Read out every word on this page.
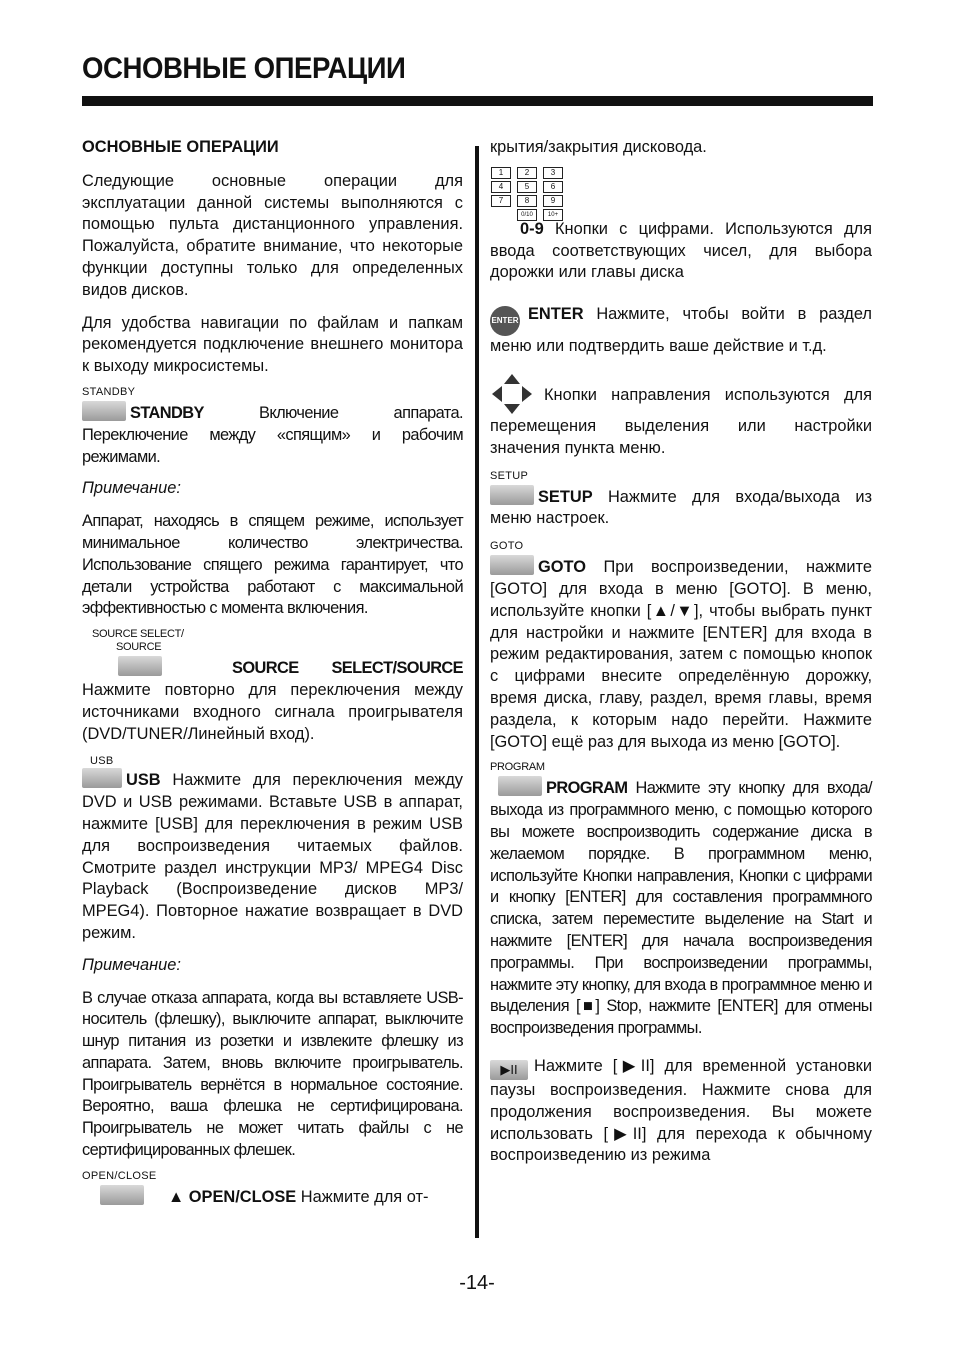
ОСНОВНЫЕ ОПЕРАЦИИ

ОСНОВНЫЕ ОПЕРАЦИИ

Следующие основные операции для эксплуатации данной системы выполняются с помощью пульта дистанционного управления. Пожалуйста, обратите внимание, что некоторые функции доступны только для определенных видов дисков.

Для удобства навигации по файлам и папкам рекомендуется подключение внешнего монитора к выходу микросистемы.

STANDBY

STANDBY Включение аппарата. Переключение между «спящим» и рабочим режимами.

Примечание:

Аппарат, находясь в спящем режиме, использует минимальное количество электричества. Использование спящего режима гарантирует, что детали устройства работают с максимальной эффективностью с момента включения.

SOURCE SELECT/
SOURCE

SOURCE SELECT/SOURCE Нажмите повторно для переключения между источниками входного сигнала проигрывателя (DVD/TUNER/Линейный вход).

USB

USB Нажмите для переключения между DVD и USB режимами. Вставьте USB в аппарат, нажмите [USB] для переключения в режим USB для воспроизведения читаемых файлов. Смотрите раздел инструкции MP3/ MPEG4 Disc Playback (Воспроизведение дисков MP3/ MPEG4). Повторное нажатие возвращает в DVD режим.

Примечание:

В случае отказа аппарата, когда вы вставляете USB-носитель (флешку), выключите аппарат, выключите шнур питания из розетки и извлеките флешку из аппарата. Затем, вновь включите проигрыватель. Проигрыватель вернётся в нормальное состояние. Вероятно, ваша флешка не сертифицирована. Проигрыватель не может читать файлы с не сертифицированных флешек.

OPEN/CLOSE

▲ OPEN/CLOSE Нажмите для от-

крытия/закрытия дисковода.

1	2	3
4	5	6
7	8	9
0/10	10+

0-9 Кнопки с цифрами. Используются для ввода соответствующих чисел, для выбора дорожки или главы диска

ENTER ENTER Нажмите, чтобы войти в раздел меню или подтвердить ваше действие и т.д.

Кнопки направления используются для перемещения выделения или настройки значения пункта меню.

SETUP

SETUP Нажмите для входа/выхода из меню настроек.

GOTO

GOTO При воспроизведении, нажмите [GOTO] для входа в меню [GOTO]. В меню, используйте кнопки [▲/▼], чтобы выбрать пункт для настройки и нажмите [ENTER] для входа в режим редактирования, затем с помощью кнопок с цифрами внесите определённую дорожку, время диска, главу, раздел, время главы, время раздела, к которым надо перейти. Нажмите [GOTO] ещё раз для выхода из меню [GOTO].

PROGRAM

PROGRAM Нажмите эту кнопку для входа/выхода из программного меню, с помощью которого вы можете воспроизводить содержание диска в желаемом порядке. В программном меню, используйте Кнопки направления, Кнопки с цифрами и кнопку [ENTER] для составления программного списка, затем переместите выделение на Start и нажмите [ENTER] для начала воспроизведения программы. При воспроизведении программы, нажмите эту кнопку, для входа в программное меню и выделения [■] Stop, нажмите [ENTER] для отмены воспроизведения программы.

▶II Нажмите [▶II] для временной установки паузы воспроизведения. Нажмите снова для продолжения воспроизведения. Вы можете использовать [▶II] для перехода к обычному воспроизведению из режима

-14-
